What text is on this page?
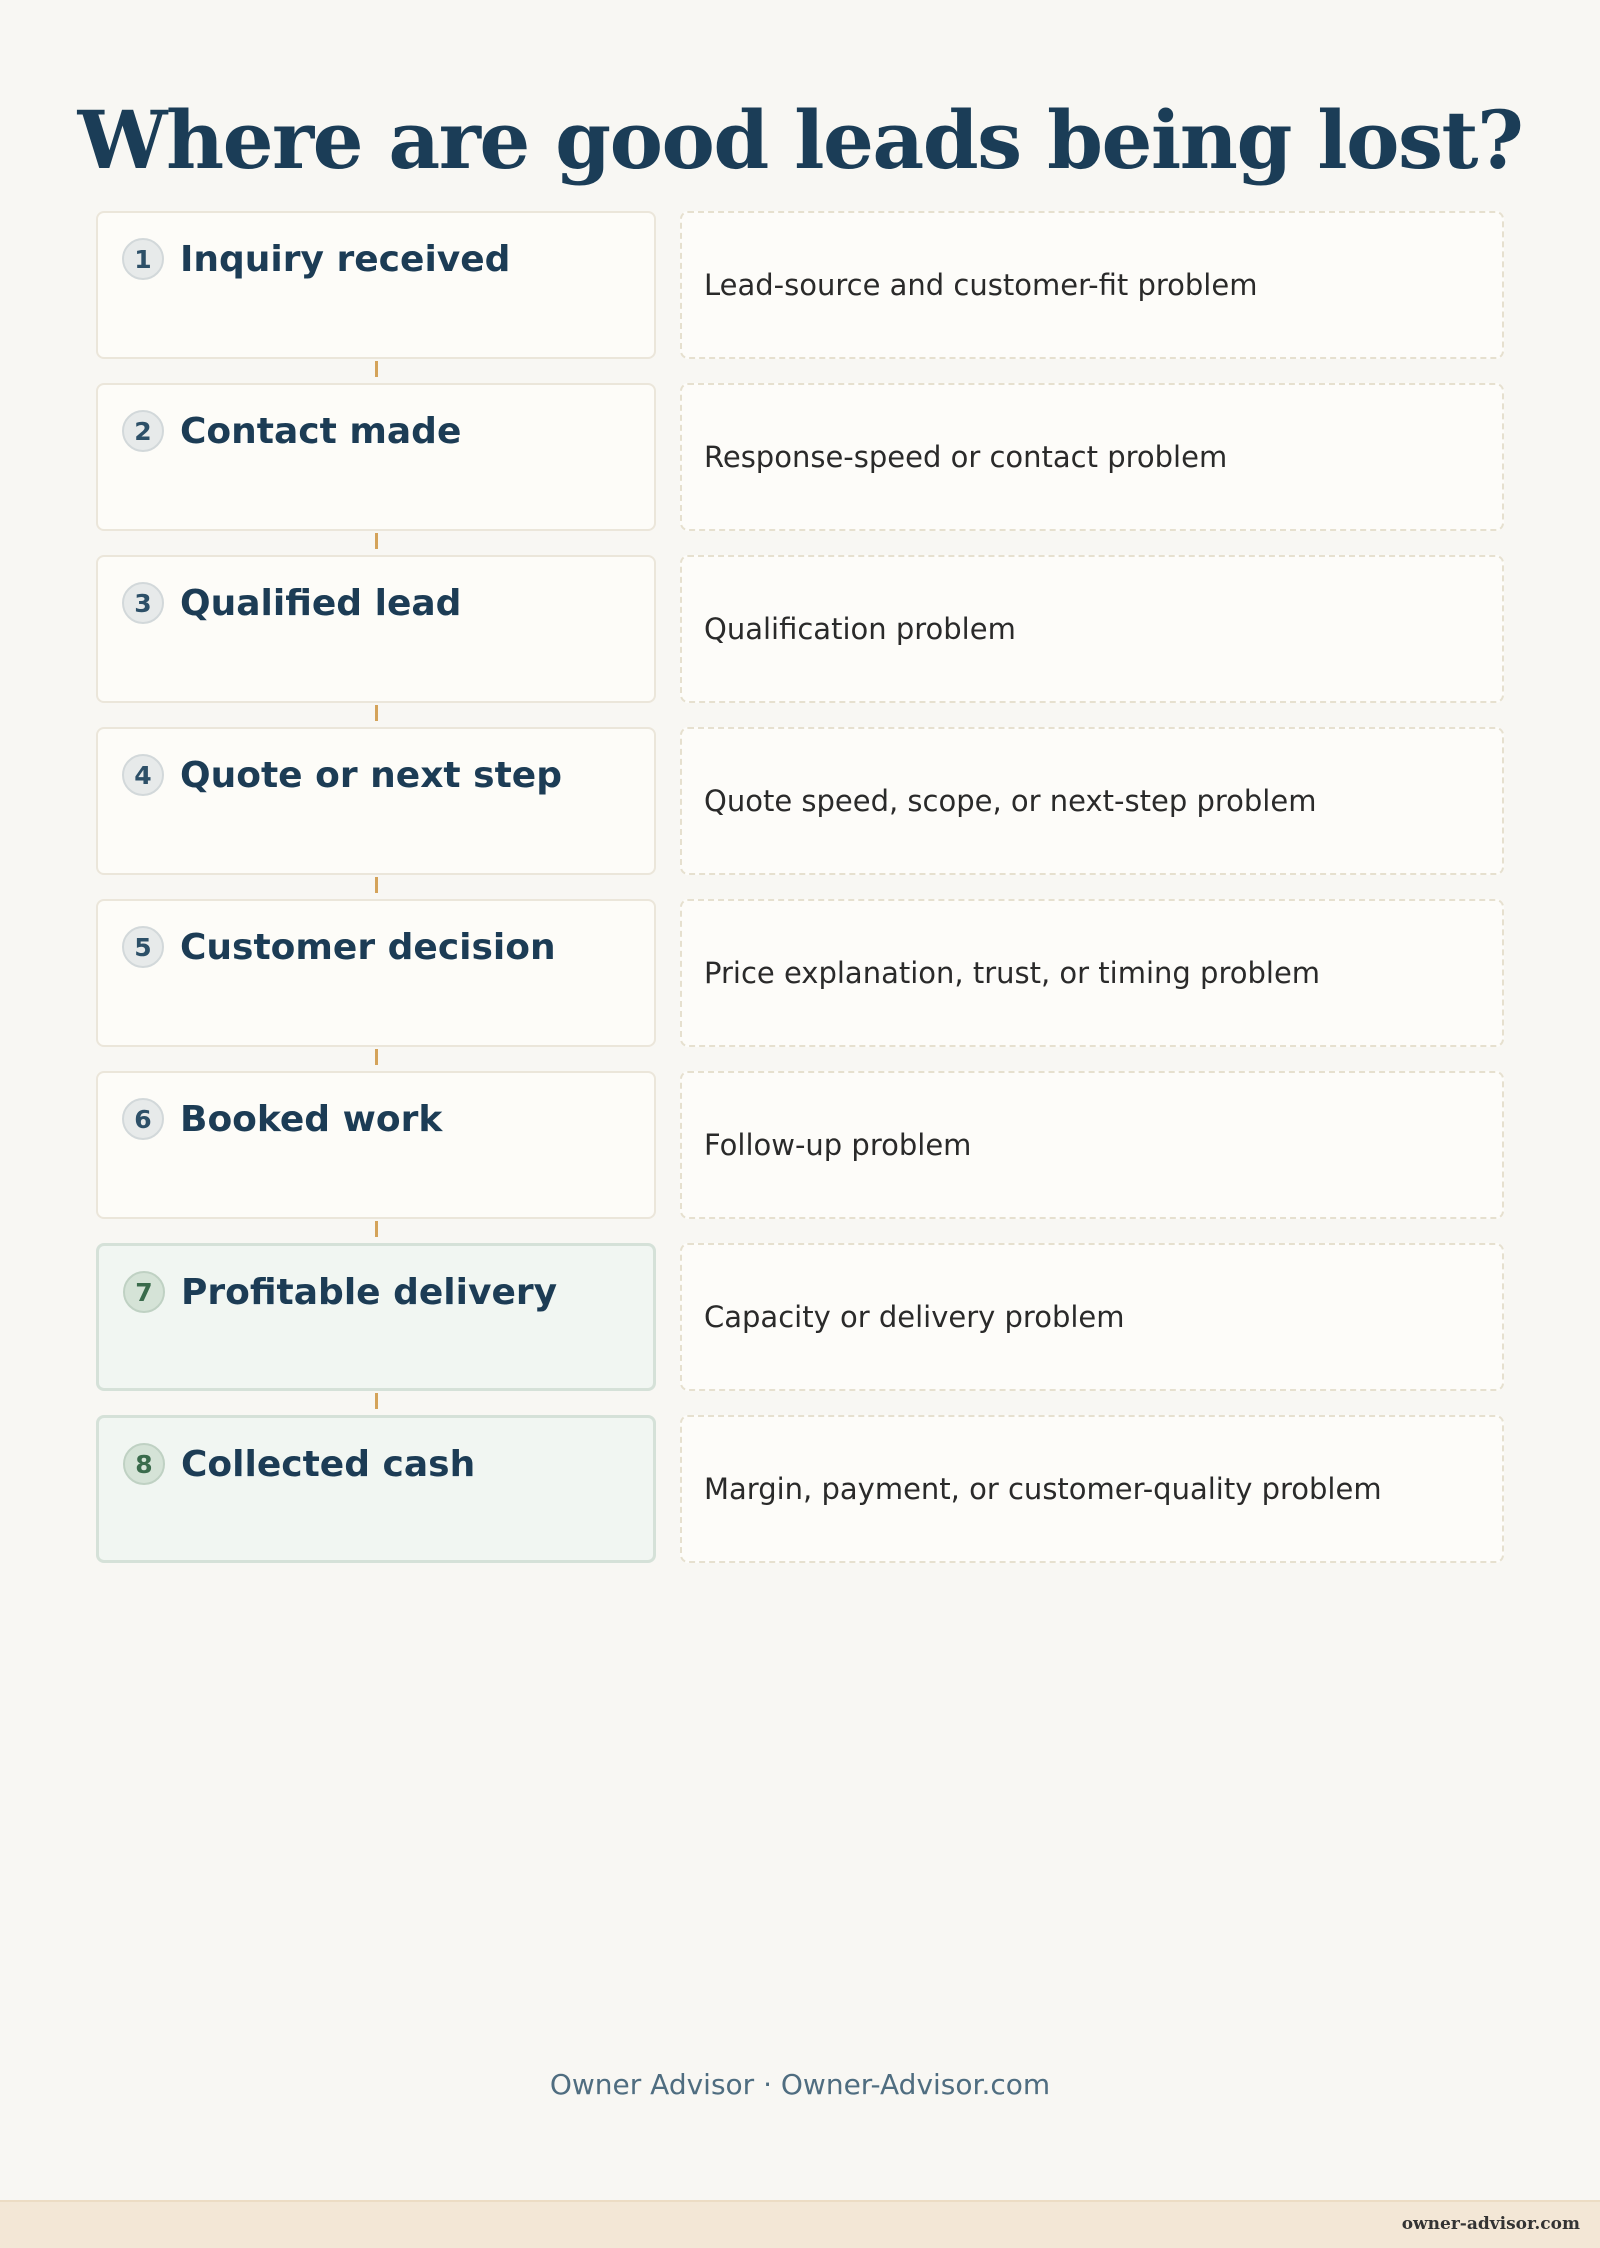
Where are good leads being lost?
1 Inquiry received
Lead-source and customer-fit problem
2 Contact made
Response-speed or contact problem
3 Qualified lead
Qualification problem
4 Quote or next step
Quote speed, scope, or next-step problem
5 Customer decision
Price explanation, trust, or timing problem
6 Booked work
Follow-up problem
7 Profitable delivery
Capacity or delivery problem
8 Collected cash
Margin, payment, or customer-quality problem
Owner Advisor · Owner-Advisor.com
owner-advisor.com
